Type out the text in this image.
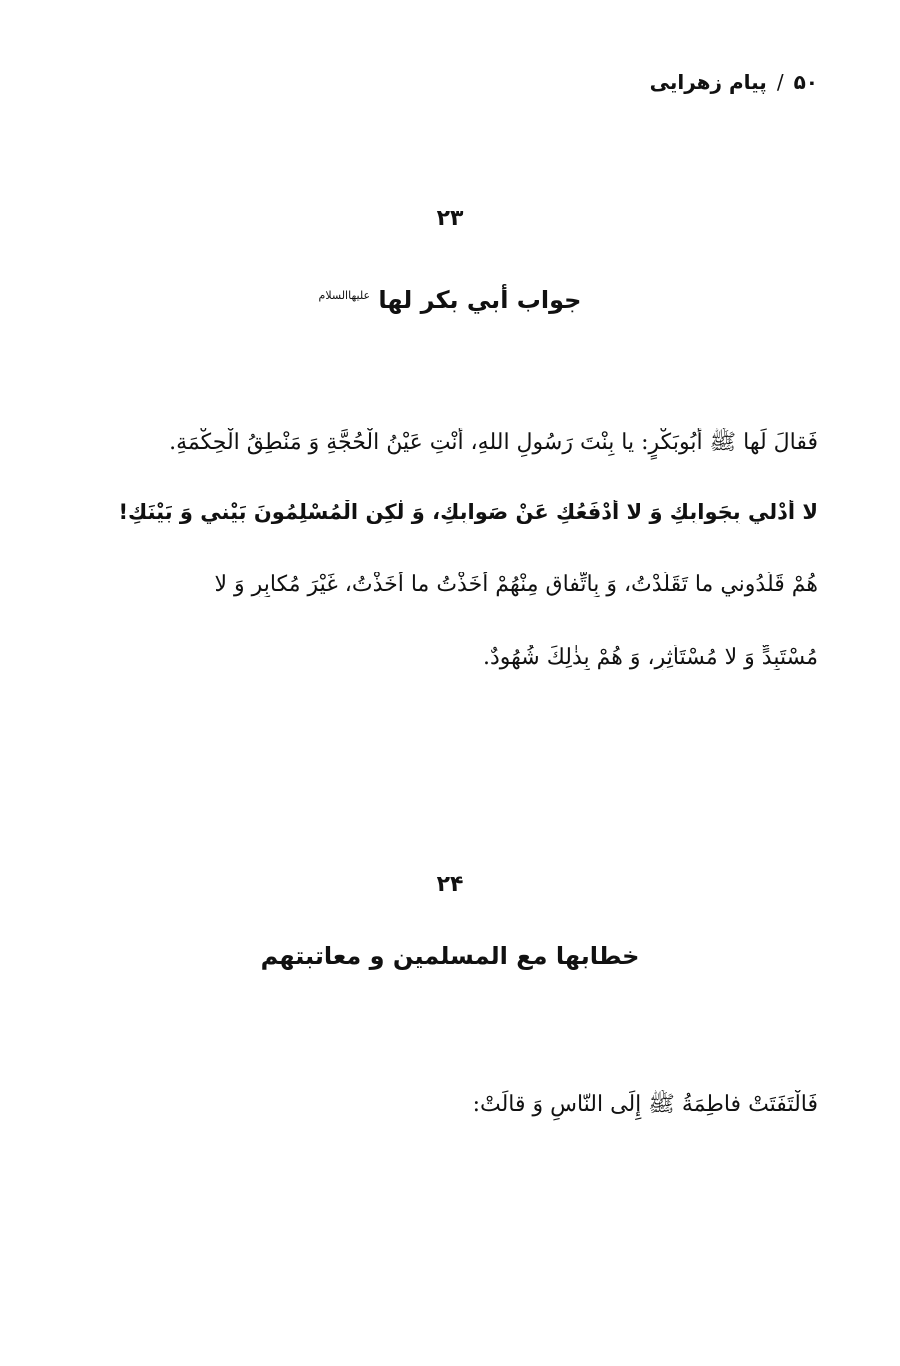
۵۰/پیام زهرایی
۲۳
جواب أبي بكر لها $^{عليهاالسلام}$
فَقالَ لَها ﷺ أَبُوبَكْرٍ: يا بِنْتَ رَسُولِ اللهِ، أَنْتِ عَيْنُ الْحُجَّةِ وَ مَنْطِقُ الْحِكْمَةِ.
لا أُدْلي بِجَوابِكِ وَ لا أَدْفَعُكِ عَنْ صَوابِكِ، وَ لٰكِنِ الْمُسْلِمُونَ بَيْني وَ بَيْنَكِ!
هُمْ قَلَّدُوني ما تَقَلَّدْتُ، وَ بِاتِّفاقٍ مِنْهُمْ أَخَذْتُ ما أَخَذْتُ، غَيْرَ مُكابِرٍ وَ لا
مُسْتَبِدٍّ وَ لا مُسْتَأْثِرٍ، وَ هُمْ بِذٰلِكَ شُهُودٌ.
۲۴
خطابها مع المسلمين و معاتبتهم
فَالْتَفَتَتْ فاطِمَةُ ﷺ إِلَى النّاسِ وَ قالَتْ:
